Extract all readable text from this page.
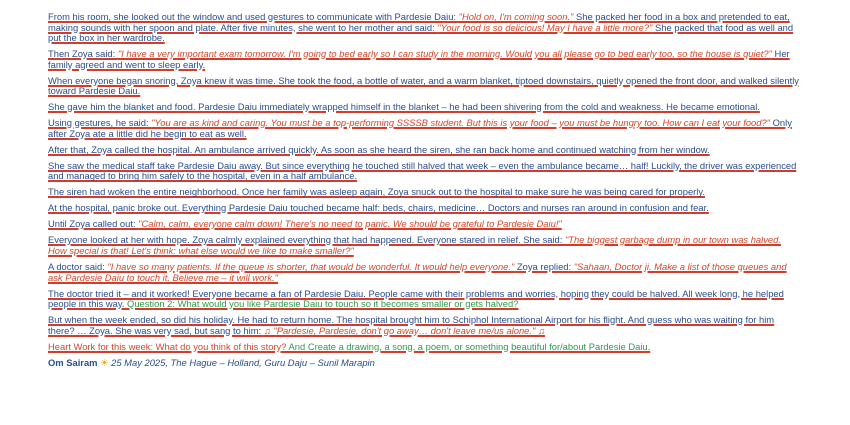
From his room, she looked out the window and used gestures to communicate with Pardesie Daiu: "Hold on, I'm coming soon." She packed her food in a box and pretended to eat, making sounds with her spoon and plate. After five minutes, she went to her mother and said: "Your food is so delicious! May I have a little more?" She packed that food as well and put the box in her wardrobe.
Then Zoya said: "I have a very important exam tomorrow. I'm going to bed early so I can study in the morning. Would you all please go to bed early too, so the house is quiet?" Her family agreed and went to sleep early.
When everyone began snoring, Zoya knew it was time. She took the food, a bottle of water, and a warm blanket, tiptoed downstairs, quietly opened the front door, and walked silently toward Pardesie Daiu.
She gave him the blanket and food. Pardesie Daiu immediately wrapped himself in the blanket – he had been shivering from the cold and weakness. He became emotional.
Using gestures, he said: "You are as kind and caring. You must be a top-performing SSSSB student. But this is your food – you must be hungry too. How can I eat your food?" Only after Zoya ate a little did he begin to eat as well.
After that, Zoya called the hospital. An ambulance arrived quickly. As soon as she heard the siren, she ran back home and continued watching from her window.
She saw the medical staff take Pardesie Daiu away. But since everything he touched still halved that week – even the ambulance became… half! Luckily, the driver was experienced and managed to bring him safely to the hospital, even in a half ambulance.
The siren had woken the entire neighborhood. Once her family was asleep again, Zoya snuck out to the hospital to make sure he was being cared for properly.
At the hospital, panic broke out. Everything Pardesie Daiu touched became half: beds, chairs, medicine… Doctors and nurses ran around in confusion and fear.
Until Zoya called out: "Calm, calm, everyone calm down! There's no need to panic. We should be grateful to Pardesie Daiu!"
Everyone looked at her with hope. Zoya calmly explained everything that had happened. Everyone stared in relief. She said: "The biggest garbage dump in our town was halved. How special is that! Let's think: what else would we like to make smaller?"
A doctor said: "I have so many patients. If the queue is shorter, that would be wonderful. It would help everyone." Zoya replied: "Sahaan, Doctor ji. Make a list of those queues and ask Pardesie Daiu to touch it. Believe me – it will work."
The doctor tried it – and it worked! Everyone became a fan of Pardesie Daiu. People came with their problems and worries, hoping they could be halved. All week long, he helped people in this way. Question 2: What would you like Pardesie Daiu to touch so it becomes smaller or gets halved?
But when the week ended, so did his holiday. He had to return home. The hospital brought him to Schiphol International Airport for his flight. And guess who was waiting for him there? … Zoya. She was very sad, but sang to him: ♫ "Pardesie, Pardesie, don't go away… don't leave me/us alone." ♫
Heart Work for this week: What do you think of this story? And Create a drawing, a song, a poem, or something beautiful for/about Pardesie Daiu.
Om Sairam ☀ 25 May 2025, The Hague – Holland, Guru Daju – Sunil Marapin
